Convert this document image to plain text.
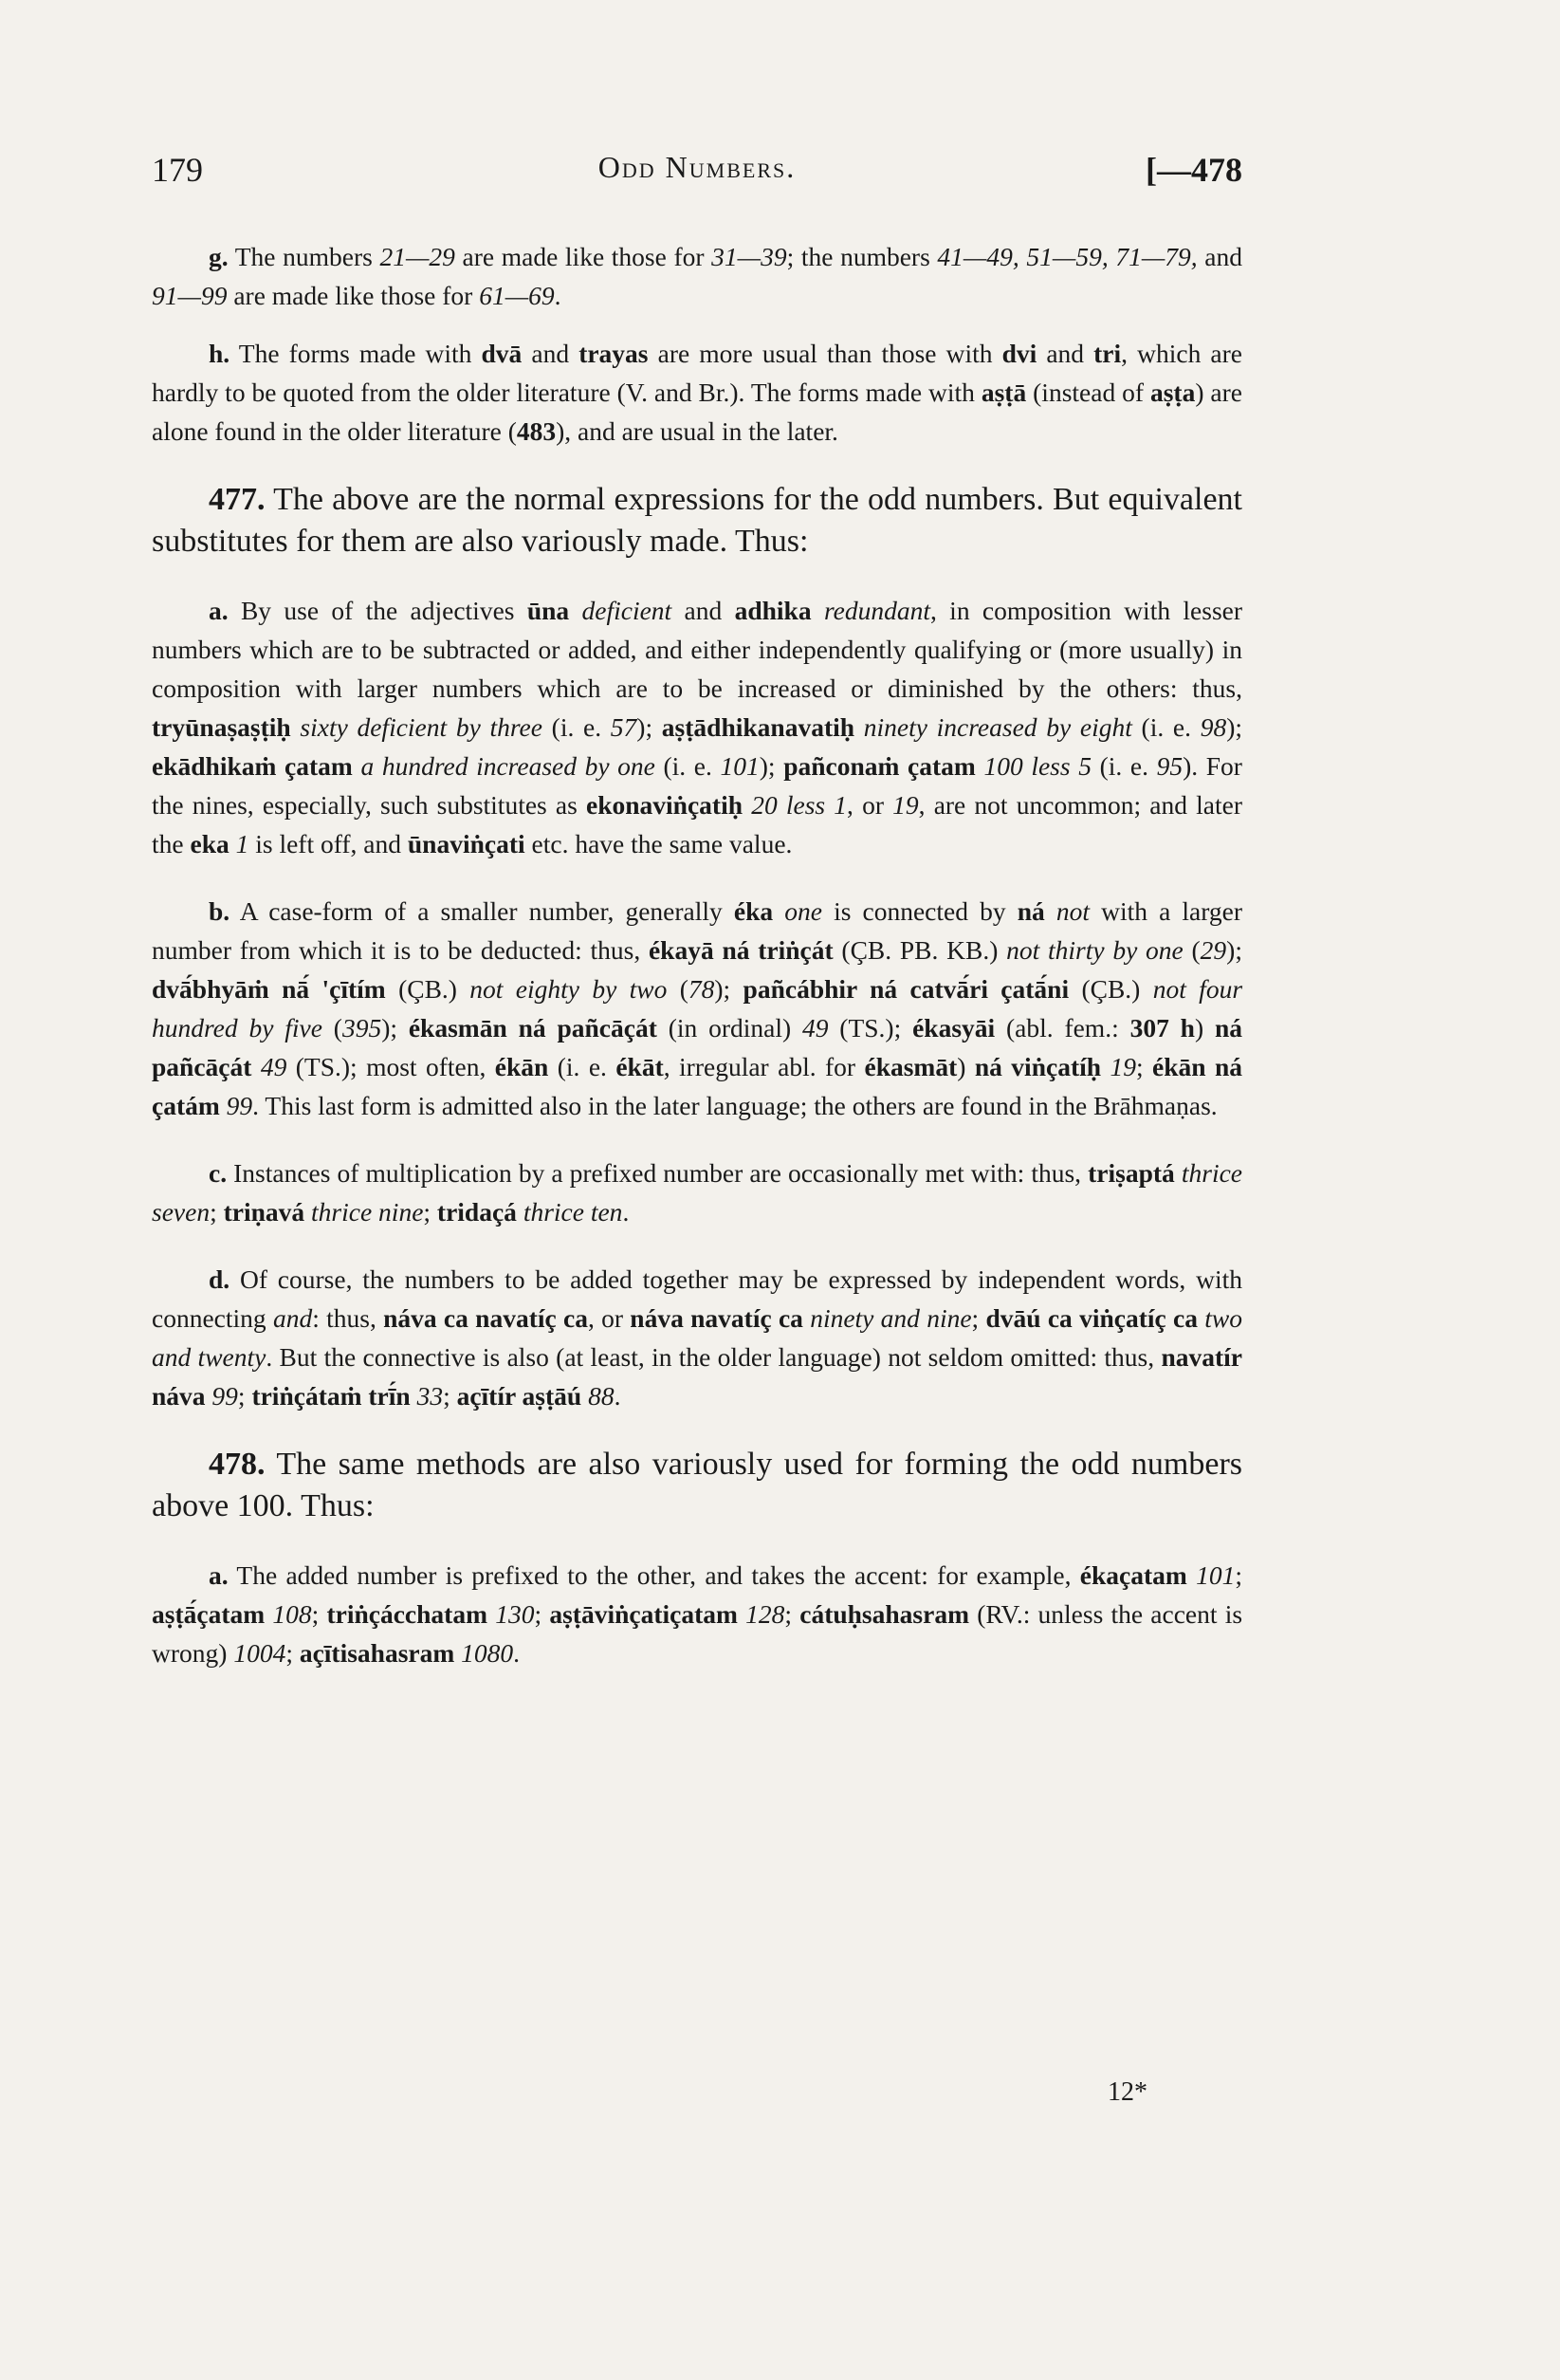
179	Odd Numbers.	[—478

g. The numbers 21—29 are made like those for 31—39; the numbers 41—49, 51—59, 71—79, and 91—99 are made like those for 61—69.

h. The forms made with dvā and trayas are more usual than those with dvi and tri, which are hardly to be quoted from the older literature (V. and Br.). The forms made with aṣṭā (instead of aṣṭa) are alone found in the older literature (483), and are usual in the later.

477. The above are the normal expressions for the odd numbers. But equivalent substitutes for them are also variously made. Thus:

a. By use of the adjectives ūna deficient and adhika redundant, in composition with lesser numbers which are to be subtracted or added, and either independently qualifying or (more usually) in composition with larger numbers which are to be increased or diminished by the others: thus, tryūnaṣaṣṭiḥ sixty deficient by three (i. e. 57); aṣṭādhikanavatiḥ ninety increased by eight (i. e. 98); ekādhikaṁ çatam a hundred increased by one (i. e. 101); pañconaṁ çatam 100 less 5 (i. e. 95). For the nines, especially, such substitutes as ekonaviṅçatiḥ 20 less 1, or 19, are not uncommon; and later the eka 1 is left off, and ūnaviṅçati etc. have the same value.

b. A case-form of a smaller number, generally éka one is connected by ná not with a larger number from which it is to be deducted: thus, ékayā ná triṅçát (ÇB. PB. KB.) not thirty by one (29); dvā́bhyāṁ nā́ 'çītím (ÇB.) not eighty by two (78); pañcábhir ná catvā́ri çatā́ni (ÇB.) not four hundred by five (395); ékasmān ná pañcāçát (in ordinal) 49 (TS.); ékasyāi (abl. fem.: 307 h) ná pañcāçát 49 (TS.); most often, ékān (i. e. ékāt, irregular abl. for ékasmāt) ná viṅçatíḥ 19; ékān ná çatám 99. This last form is admitted also in the later language; the others are found in the Brāhmaṇas.

c. Instances of multiplication by a prefixed number are occasionally met with: thus, triṣaptá thrice seven; triṇavá thrice nine; tridaçá thrice ten.

d. Of course, the numbers to be added together may be expressed by independent words, with connecting and: thus, náva ca navatíç ca, or náva navatíç ca ninety and nine; dvāú ca viṅçatíç ca two and twenty. But the connective is also (at least, in the older language) not seldom omitted: thus, navatír náva 99; triṅçátaṁ trī́n 33; açītír aṣṭāú 88.

478. The same methods are also variously used for forming the odd numbers above 100. Thus:

a. The added number is prefixed to the other, and takes the accent: for example, ékaçatam 101; aṣṭā́çatam 108; triṅçácchatam 130; aṣṭāviṅçatiçatam 128; cátuḥsahasram (RV.: unless the accent is wrong) 1004; açītisahasram 1080.

12*
